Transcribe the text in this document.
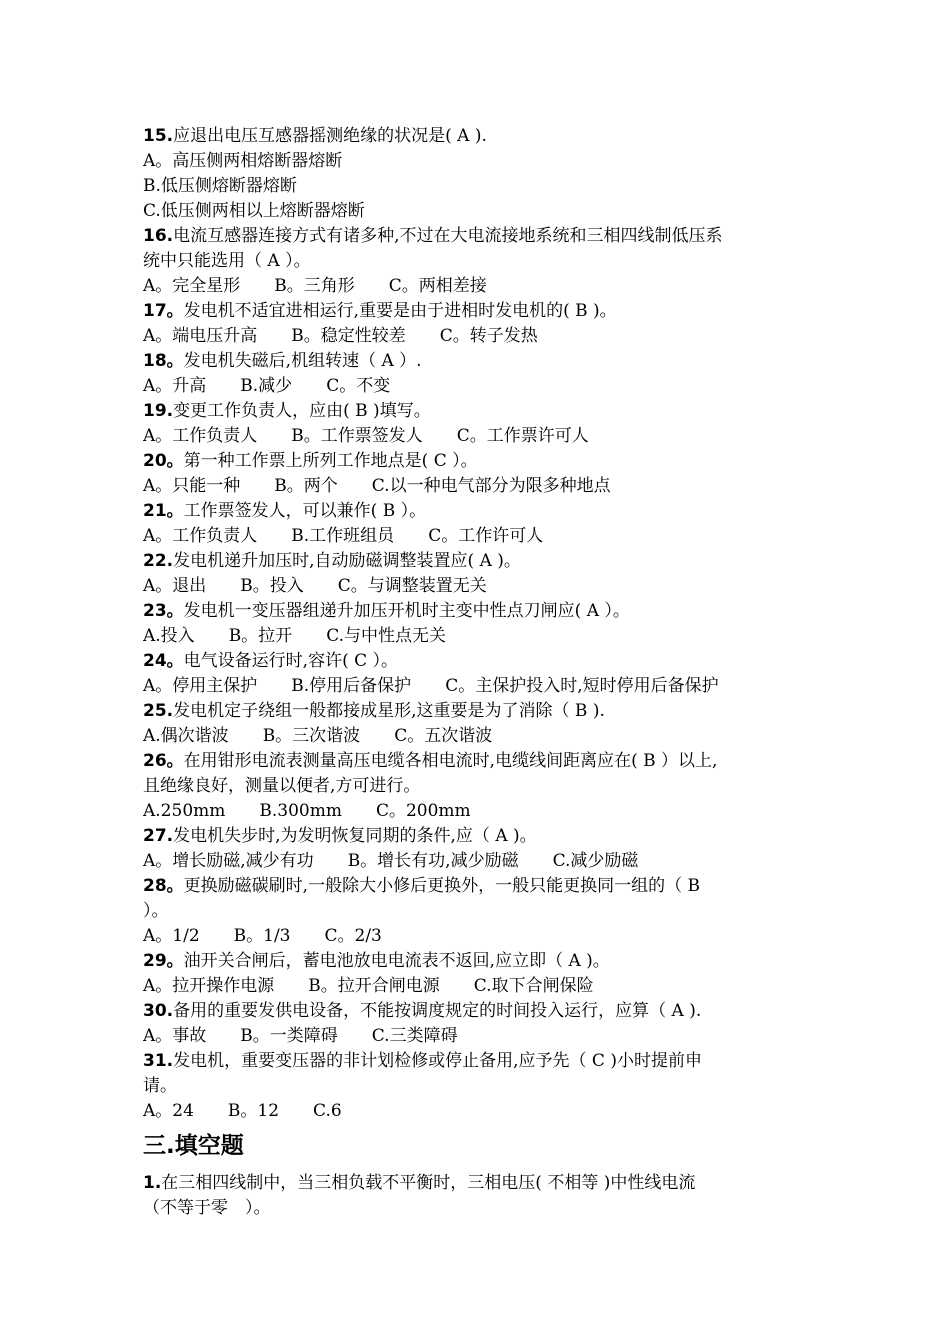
15.应退出电压互感器摇测绝缘的状况是( A ).
A。高压侧两相熔断器熔断
B.低压侧熔断器熔断
C.低压侧两相以上熔断器熔断
16.电流互感器连接方式有诸多种,不过在大电流接地系统和三相四线制低压系
统中只能选用（ A ）。
A。完全星形 B。三角形 C。两相差接
17。发电机不适宜进相运行,重要是由于进相时发电机的( B )。
A。端电压升高 B。稳定性较差 C。转子发热
18。发电机失磁后,机组转速（ A ）.
A。升高 B.减少 C。不变
19.变更工作负责人，应由( B )填写。
A。工作负责人 B。工作票签发人 C。工作票许可人
20。第一种工作票上所列工作地点是( C ）。
A。只能一种 B。两个 C.以一种电气部分为限多种地点
21。工作票签发人，可以兼作( B ）。
A。工作负责人 B.工作班组员 C。工作许可人
22.发电机递升加压时,自动励磁调整装置应( A )。
A。退出 B。投入 C。与调整装置无关
23。发电机一变压器组递升加压开机时主变中性点刀闸应( A ）。
A.投入 B。拉开 C.与中性点无关
24。电气设备运行时,容许( C ）。
A。停用主保护 B.停用后备保护 C。主保护投入时,短时停用后备保护
25.发电机定子绕组一般都接成星形,这重要是为了消除（ B ).
A.偶次谐波 B。三次谐波 C。五次谐波
26。在用钳形电流表测量高压电缆各相电流时,电缆线间距离应在( B ）以上,
且绝缘良好，测量以便者,方可进行。
A.250mm B.300mm C。200mm
27.发电机失步时,为发明恢复同期的条件,应（ A )。
A。增长励磁,减少有功 B。增长有功,减少励磁 C.减少励磁
28。更换励磁碳刷时,一般除大小修后更换外，一般只能更换同一组的（ B
）。
A。1/2 B。1/3 C。2/3
29。油开关合闸后，蓄电池放电电流表不返回,应立即（ A )。
A。拉开操作电源 B。拉开合闸电源 C.取下合闸保险
30.备用的重要发供电设备，不能按调度规定的时间投入运行，应算（ A ).
A。事故 B。一类障碍 C.三类障碍
31.发电机，重要变压器的非计划检修或停止备用,应予先（ C )小时提前申
请。
A。24 B。12 C.6
三.填空题
1.在三相四线制中，当三相负载不平衡时，三相电压( 不相等 )中性线电流
（不等于零　）。
